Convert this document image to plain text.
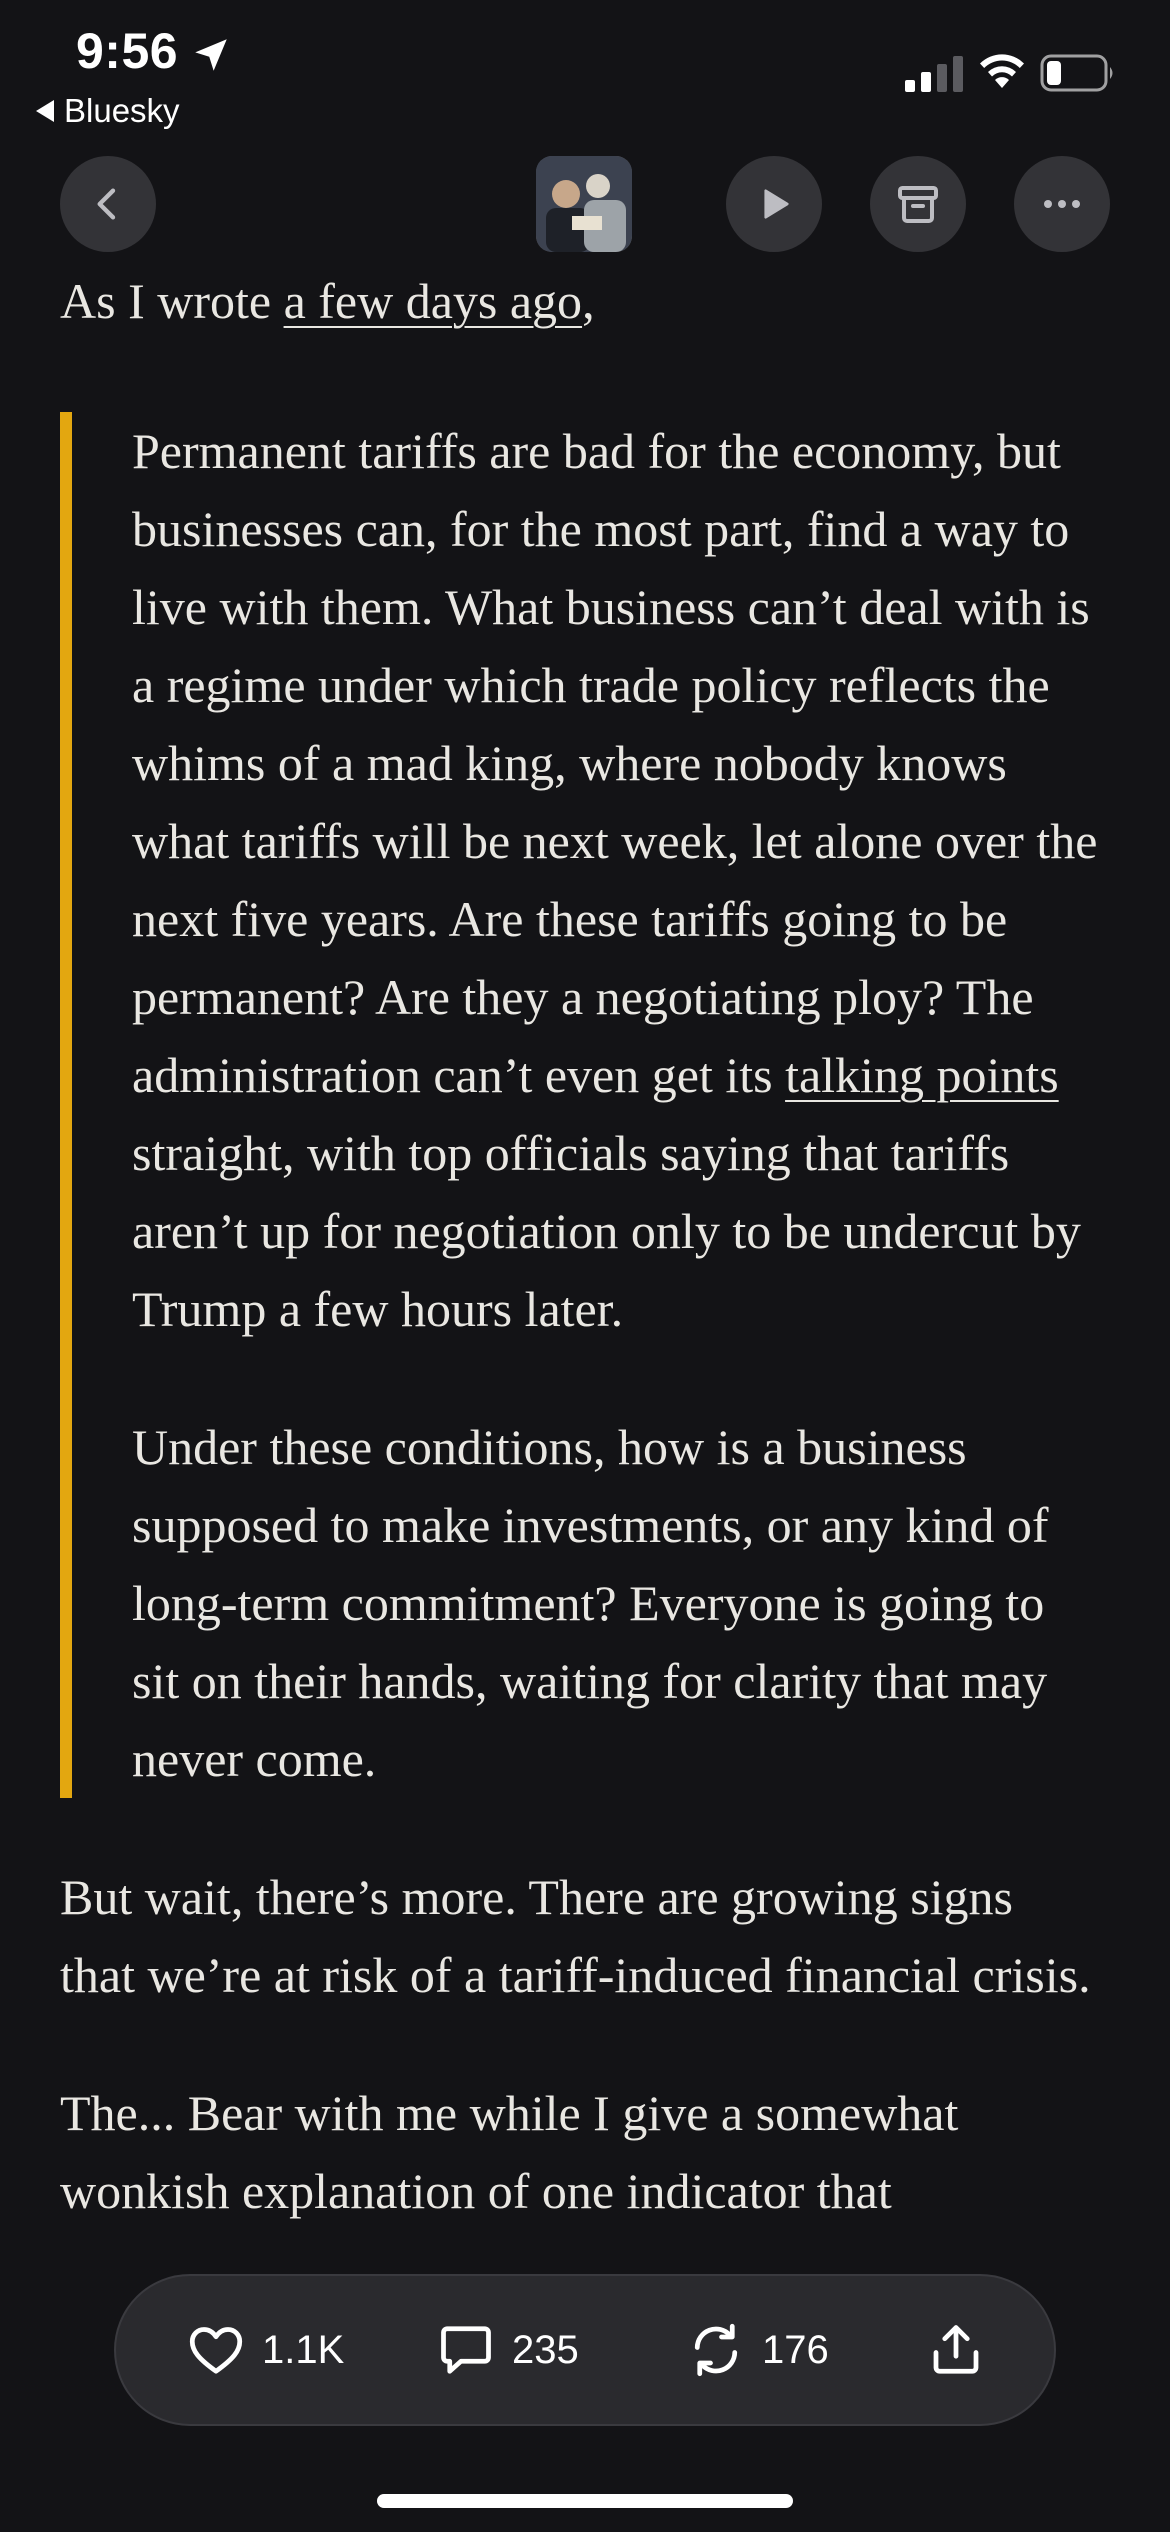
9:56
Bluesky

As I wrote a few days ago,

Permanent tariffs are bad for the economy, but businesses can, for the most part, find a way to live with them. What business can’t deal with is a regime under which trade policy reflects the whims of a mad king, where nobody knows what tariffs will be next week, let alone over the next five years. Are these tariffs going to be permanent? Are they a negotiating ploy? The administration can’t even get its talking points straight, with top officials saying that tariffs aren’t up for negotiation only to be undercut by Trump a few hours later.

Under these conditions, how is a business supposed to make investments, or any kind of long-term commitment? Everyone is going to sit on their hands, waiting for clarity that may never come.

But wait, there’s more. There are growing signs that we’re at risk of a tariff-induced financial crisis.

The... Bear with me while I give a somewhat wonkish explanation of one indicator that

1.1K	235	176
